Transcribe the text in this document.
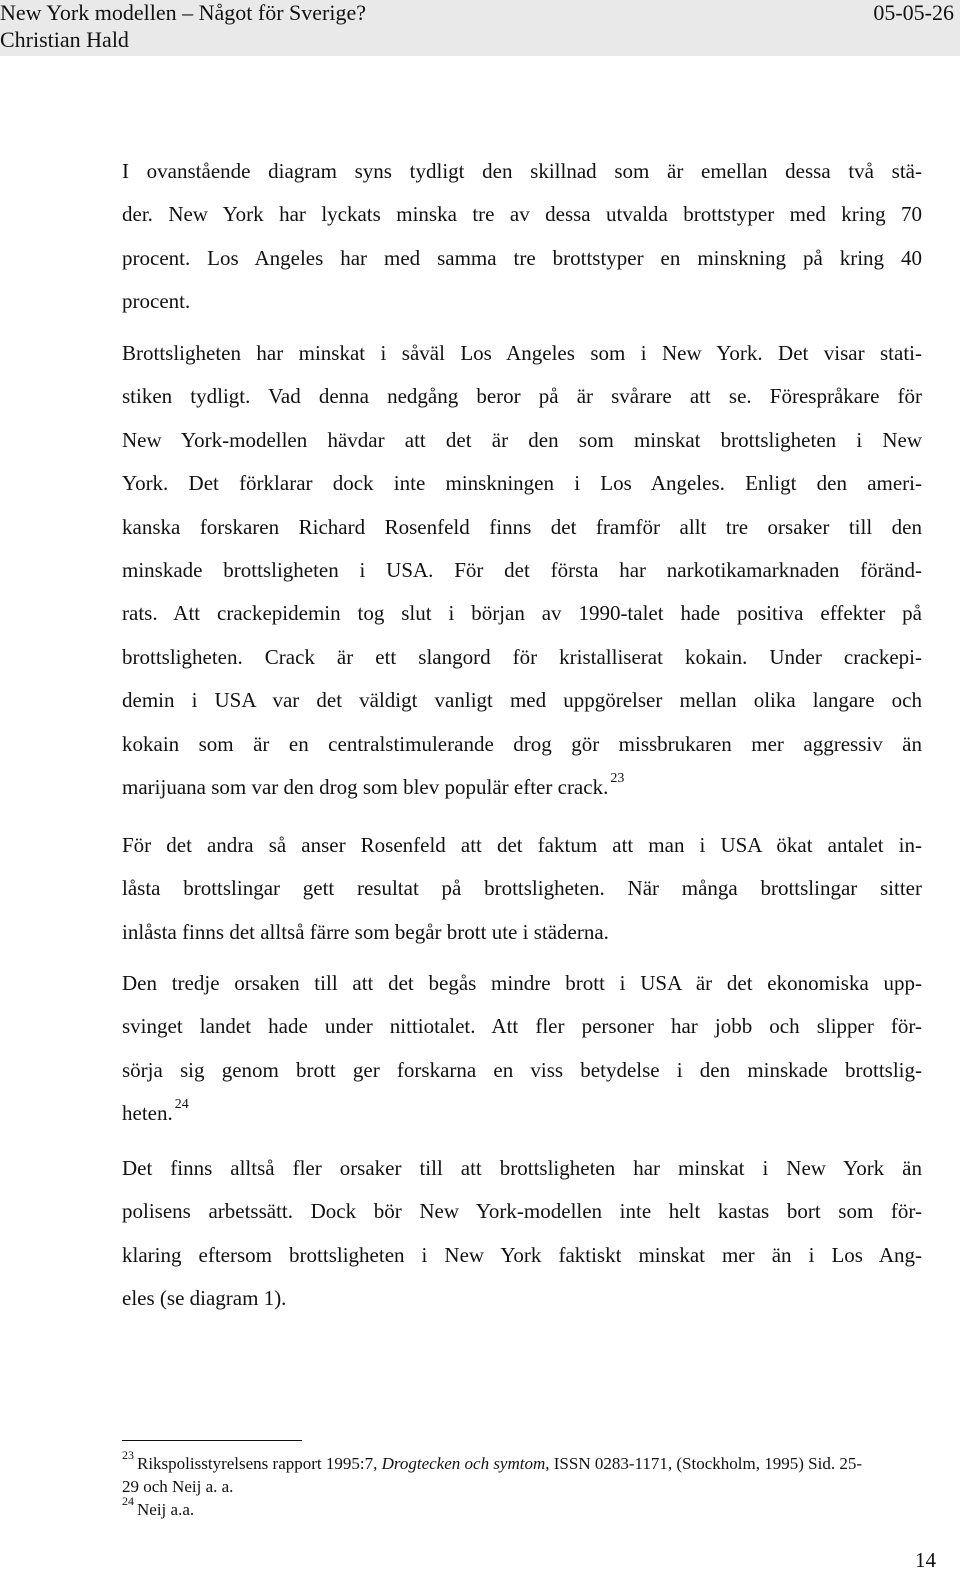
New York modellen – Något för Sverige?	05-05-26
Christian Hald
I ovanstående diagram syns tydligt den skillnad som är emellan dessa två stä-
der. New York har lyckats minska tre av dessa utvalda brottstyper med kring 70
procent. Los Angeles har med samma tre brottstyper en minskning på kring 40
procent.
Brottsligheten har minskat i såväl Los Angeles som i New York. Det visar stati-
stiken tydligt. Vad denna nedgång beror på är svårare att se. Förespråkare för
New York-modellen hävdar att det är den som minskat brottsligheten i New
York. Det förklarar dock inte minskningen i Los Angeles. Enligt den ameri-
kanska forskaren Richard Rosenfeld finns det framför allt tre orsaker till den
minskade brottsligheten i USA. För det första har narkotikamarknaden föränd-
rats. Att crackepidemin tog slut i början av 1990-talet hade positiva effekter på
brottsligheten. Crack är ett slangord för kristalliserat kokain. Under crackepi-
demin i USA var det väldigt vanligt med uppgörelser mellan olika langare och
kokain som är en centralstimulerande drog gör missbrukaren mer aggressiv än
marijuana som var den drog som blev populär efter crack. $^{23}$
För det andra så anser Rosenfeld att det faktum att man i USA ökat antalet in-
låsta brottslingar gett resultat på brottsligheten. När många brottslingar sitter
inlåsta finns det alltså färre som begår brott ute i städerna.
Den tredje orsaken till att det begås mindre brott i USA är det ekonomiska upp-
svinget landet hade under nittiotalet. Att fler personer har jobb och slipper för-
sörja sig genom brott ger forskarna en viss betydelse i den minskade brottslig-
heten. $^{24}$
Det finns alltså fler orsaker till att brottsligheten har minskat i New York än
polisens arbetssätt. Dock bör New York-modellen inte helt kastas bort som för-
klaring eftersom brottsligheten i New York faktiskt minskat mer än i Los Ang-
eles (se diagram 1).
$^{23}$ Rikspolisstyrelsens rapport 1995:7, Drogtecken och symtom, ISSN 0283-1171, (Stockholm, 1995) Sid. 25-
29 och Neij a. a.
$^{24}$ Neij a.a.
14
